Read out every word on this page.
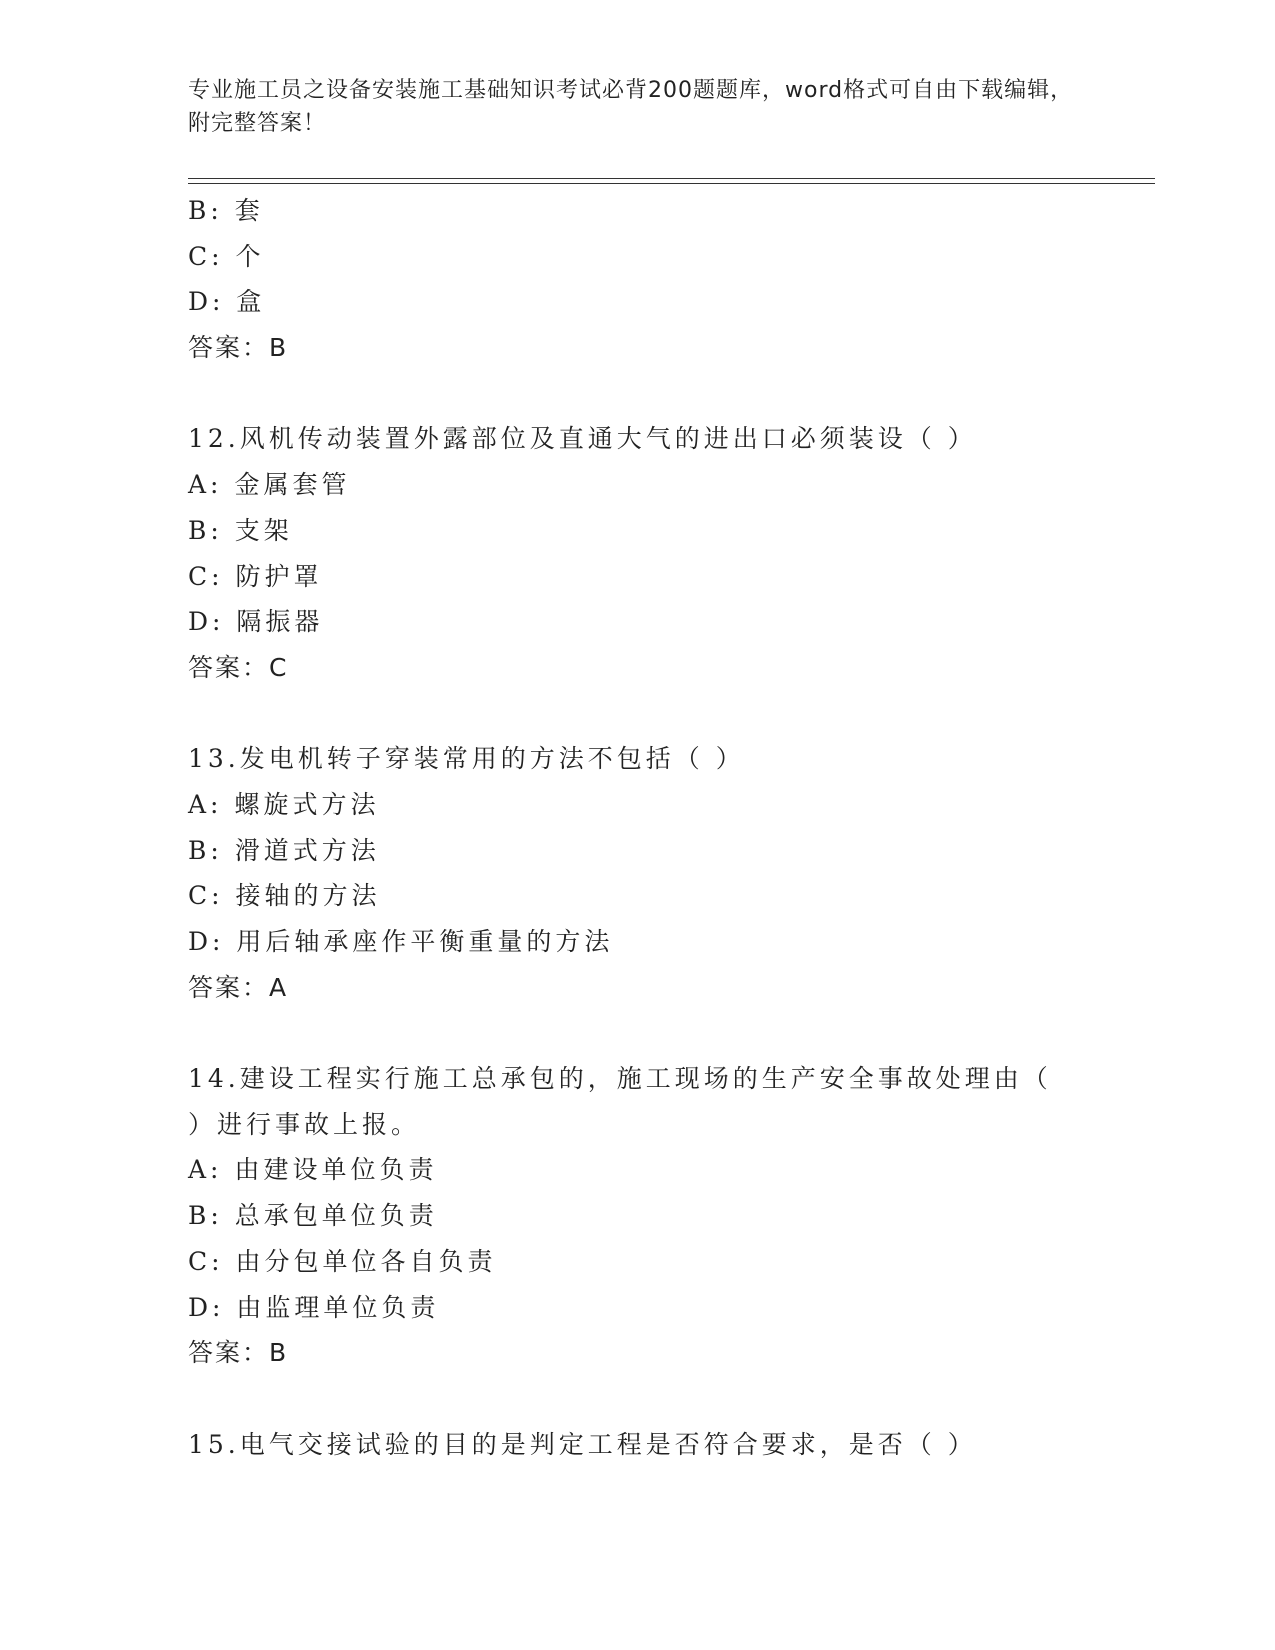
专业施工员之设备安装施工基础知识考试必背200题题库，word格式可自由下载编辑，附完整答案！
B: 套
C: 个
D: 盒
答案：B
12.风机传动装置外露部位及直通大气的进出口必须装设（ ）
A: 金属套管
B: 支架
C: 防护罩
D: 隔振器
答案：C
13.发电机转子穿装常用的方法不包括（ ）
A: 螺旋式方法
B: 滑道式方法
C: 接轴的方法
D: 用后轴承座作平衡重量的方法
答案：A
14.建设工程实行施工总承包的，施工现场的生产安全事故处理由（
）进行事故上报。
A: 由建设单位负责
B: 总承包单位负责
C: 由分包单位各自负责
D: 由监理单位负责
答案：B
15.电气交接试验的目的是判定工程是否符合要求，是否（ ）
